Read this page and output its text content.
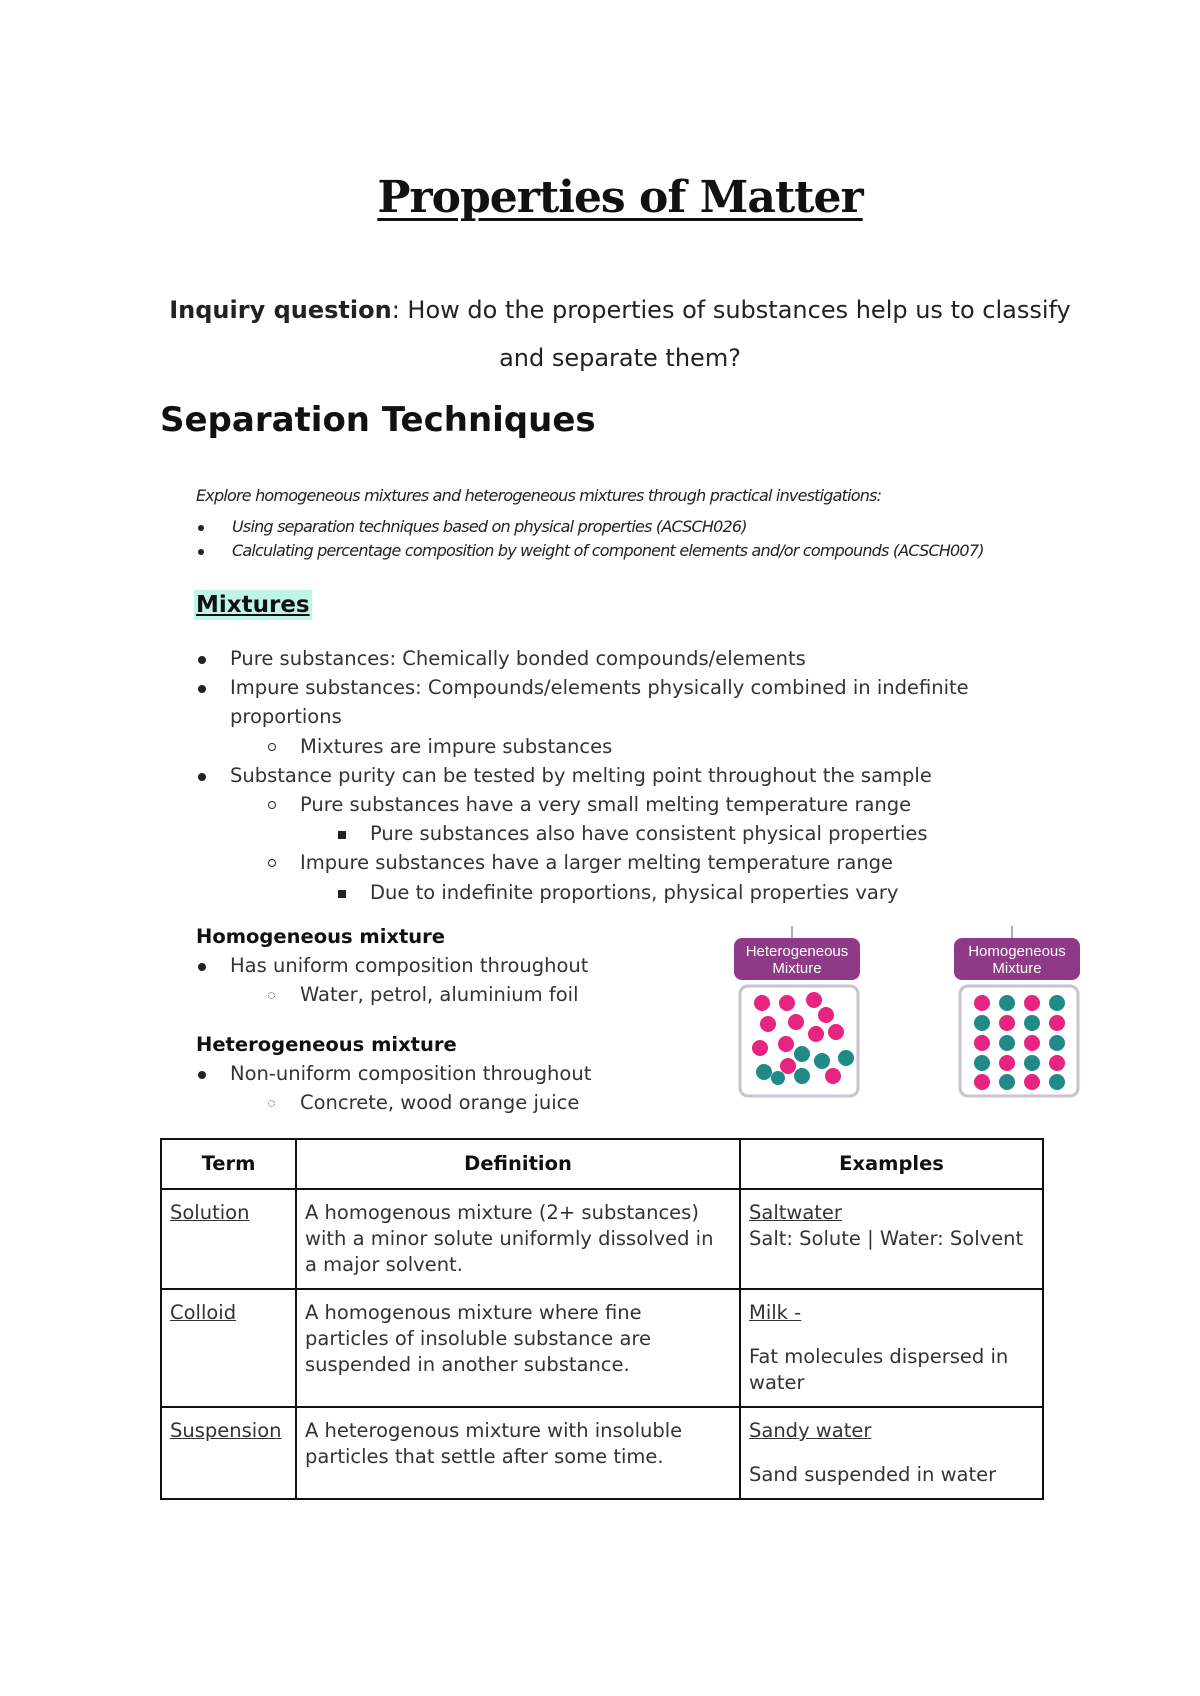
Properties of Matter
Inquiry question: How do the properties of substances help us to classify and separate them?
Separation Techniques

Explore homogeneous mixtures and heterogeneous mixtures through practical investigations:

Using separation techniques based on physical properties (ACSCH026)
Calculating percentage composition by weight of component elements and/or compounds (ACSCH007)
Mixtures
Pure substances: Chemically bonded compounds/elements
Impure substances: Compounds/elements physically combined in indefinite proportions
Mixtures are impure substances
Substance purity can be tested by melting point throughout the sample
Pure substances have a very small melting temperature range
Pure substances also have consistent physical properties
Impure substances have a larger melting temperature range
Due to indefinite proportions, physical properties vary
Homogeneous mixture
Has uniform composition throughout
Water, petrol, aluminium foil
Heterogeneous mixture
Non-uniform composition throughout
Concrete, wood orange juice
Heterogeneous
Mixture
Homogeneous
Mixture
Term	Definition	Examples
Solution	A homogenous mixture (2+ substances) with a minor solute uniformly dissolved in a major solvent.	Saltwater
Salt: Solute | Water: Solvent
Colloid	A homogenous mixture where fine particles of insoluble substance are suspended in another substance.	Milk -
Fat molecules dispersed in water
Suspension	A heterogenous mixture with insoluble particles that settle after some time.	Sandy water
Sand suspended in water
